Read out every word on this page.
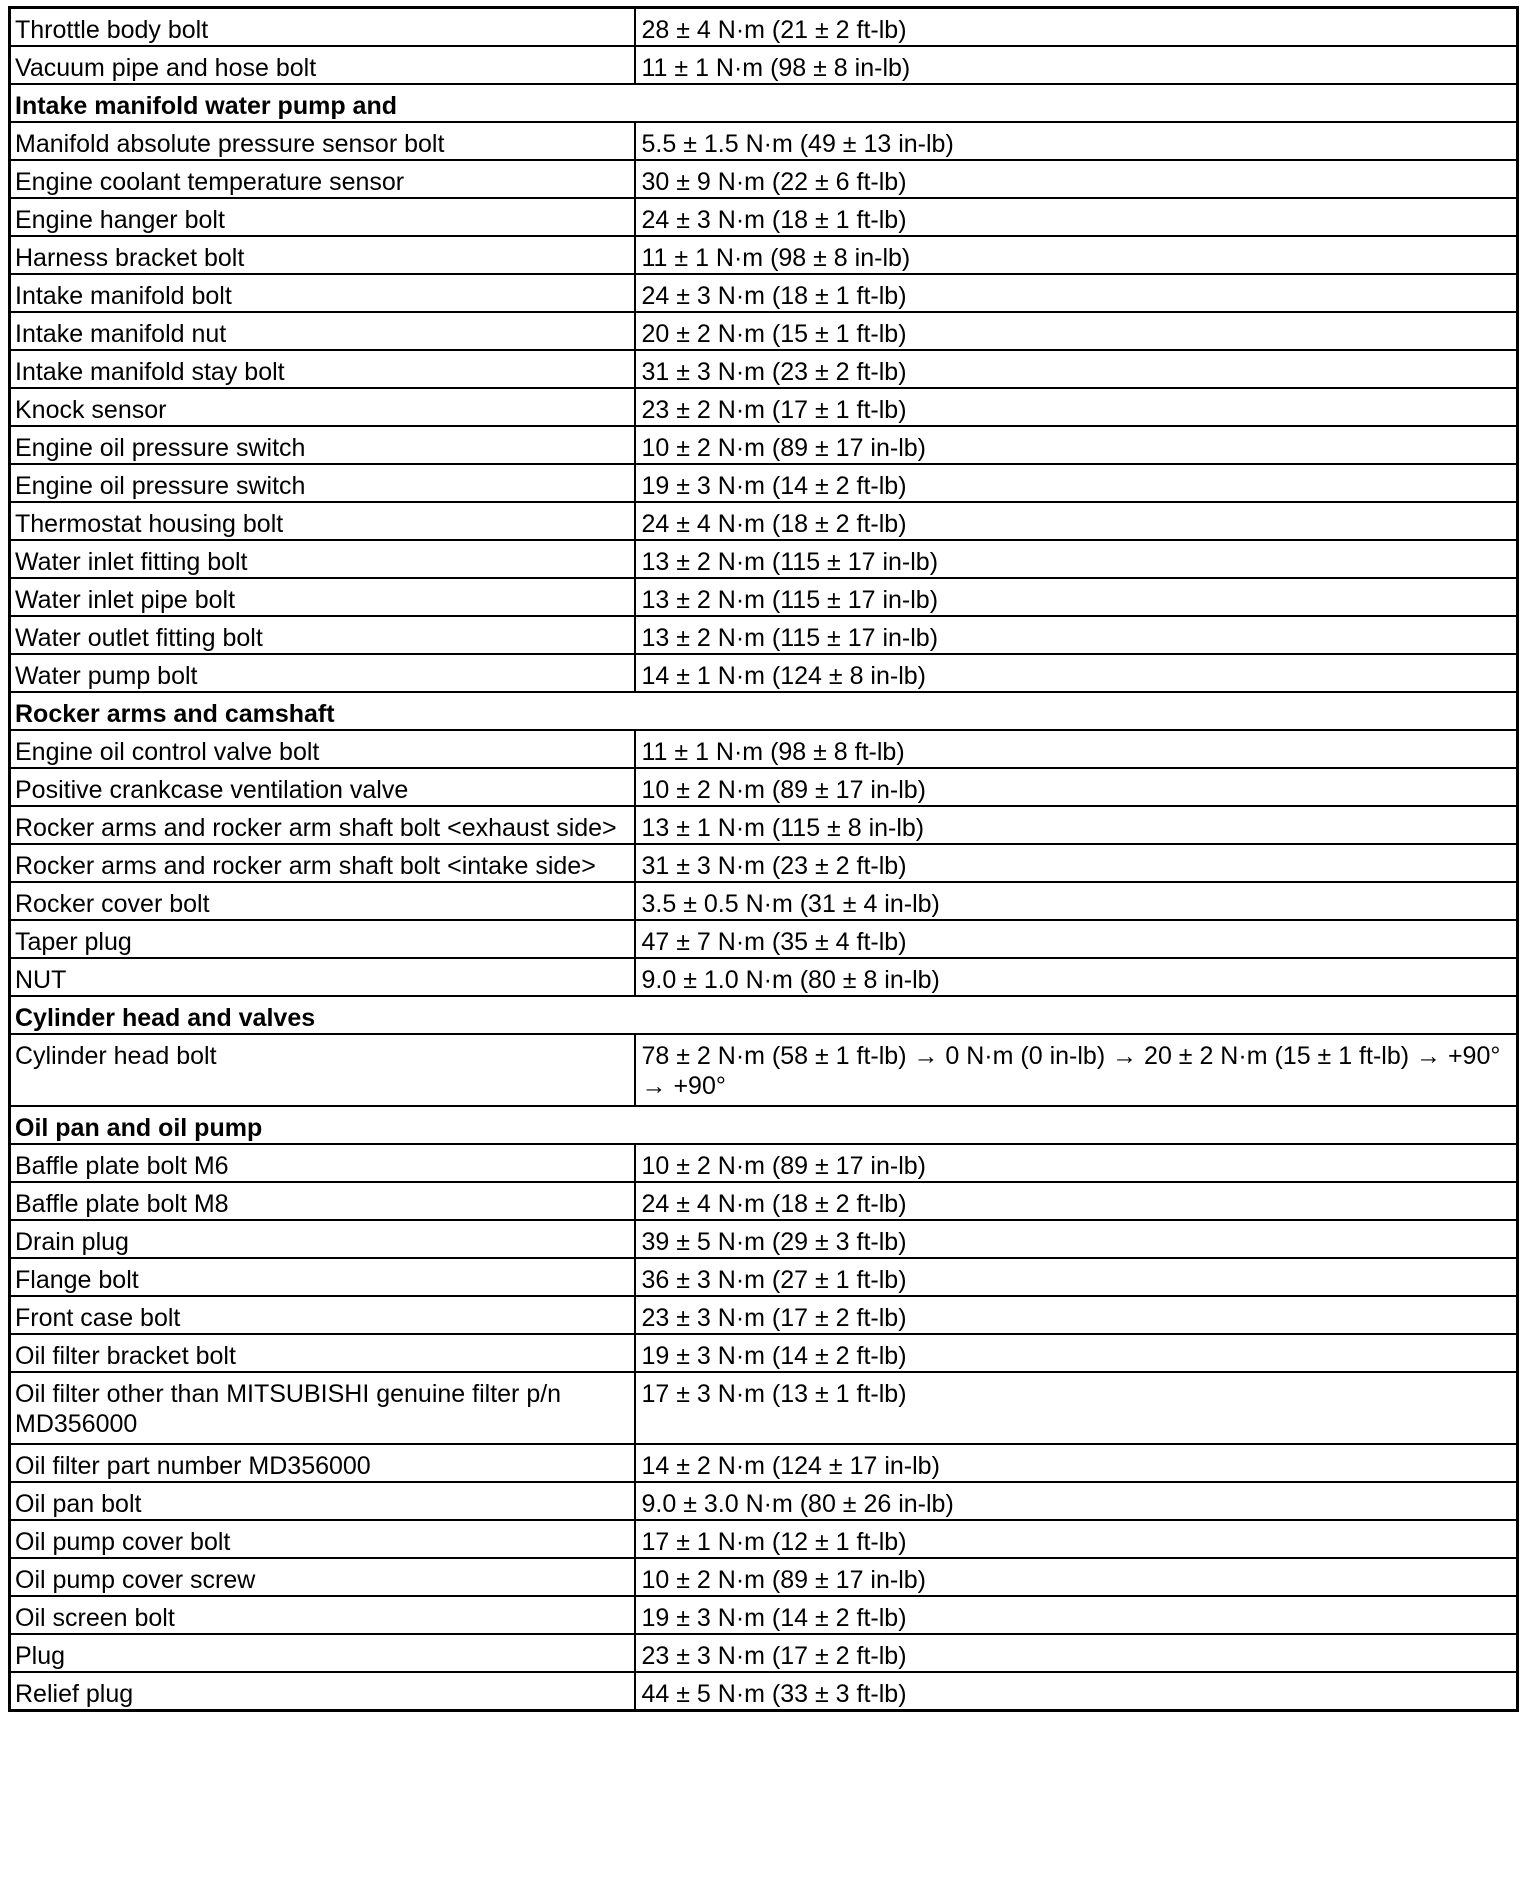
Throttle body bolt	28 ± 4 N·m (21 ± 2 ft-lb)
Vacuum pipe and hose bolt	11 ± 1 N·m (98 ± 8 in-lb)
Intake manifold water pump and	
Manifold absolute pressure sensor bolt	5.5 ± 1.5 N·m (49 ± 13 in-lb)
Engine coolant temperature sensor	30 ± 9 N·m (22 ± 6 ft-lb)
Engine hanger bolt	24 ± 3 N·m (18 ± 1 ft-lb)
Harness bracket bolt	11 ± 1 N·m (98 ± 8 in-lb)
Intake manifold bolt	24 ± 3 N·m (18 ± 1 ft-lb)
Intake manifold nut	20 ± 2 N·m (15 ± 1 ft-lb)
Intake manifold stay bolt	31 ± 3 N·m (23 ± 2 ft-lb)
Knock sensor	23 ± 2 N·m (17 ± 1 ft-lb)
Engine oil pressure switch	10 ± 2 N·m (89 ± 17 in-lb)
Engine oil pressure switch	19 ± 3 N·m (14 ± 2 ft-lb)
Thermostat housing bolt	24 ± 4 N·m (18 ± 2 ft-lb)
Water inlet fitting bolt	13 ± 2 N·m (115 ± 17 in-lb)
Water inlet pipe bolt	13 ± 2 N·m (115 ± 17 in-lb)
Water outlet fitting bolt	13 ± 2 N·m (115 ± 17 in-lb)
Water pump bolt	14 ± 1 N·m (124 ± 8 in-lb)
Rocker arms and camshaft	
Engine oil control valve bolt	11 ± 1 N·m (98 ± 8 ft-lb)
Positive crankcase ventilation valve	10 ± 2 N·m (89 ± 17 in-lb)
Rocker arms and rocker arm shaft bolt <exhaust side>	13 ± 1 N·m (115 ± 8 in-lb)
Rocker arms and rocker arm shaft bolt <intake side>	31 ± 3 N·m (23 ± 2 ft-lb)
Rocker cover bolt	3.5 ± 0.5 N·m (31 ± 4 in-lb)
Taper plug	47 ± 7 N·m (35 ± 4 ft-lb)
NUT	9.0 ± 1.0 N·m (80 ± 8 in-lb)
Cylinder head and valves	
Cylinder head bolt	78 ± 2 N·m (58 ± 1 ft-lb) → 0 N·m (0 in-lb) → 20 ± 2 N·m (15 ± 1 ft-lb) → +90° → +90°
Oil pan and oil pump	
Baffle plate bolt M6	10 ± 2 N·m (89 ± 17 in-lb)
Baffle plate bolt M8	24 ± 4 N·m (18 ± 2 ft-lb)
Drain plug	39 ± 5 N·m (29 ± 3 ft-lb)
Flange bolt	36 ± 3 N·m (27 ± 1 ft-lb)
Front case bolt	23 ± 3 N·m (17 ± 2 ft-lb)
Oil filter bracket bolt	19 ± 3 N·m (14 ± 2 ft-lb)
Oil filter other than MITSUBISHI genuine filter p/n MD356000	17 ± 3 N·m (13 ± 1 ft-lb)
Oil filter part number MD356000	14 ± 2 N·m (124 ± 17 in-lb)
Oil pan bolt	9.0 ± 3.0 N·m (80 ± 26 in-lb)
Oil pump cover bolt	17 ± 1 N·m (12 ± 1 ft-lb)
Oil pump cover screw	10 ± 2 N·m (89 ± 17 in-lb)
Oil screen bolt	19 ± 3 N·m (14 ± 2 ft-lb)
Plug	23 ± 3 N·m (17 ± 2 ft-lb)
Relief plug	44 ± 5 N·m (33 ± 3 ft-lb)
